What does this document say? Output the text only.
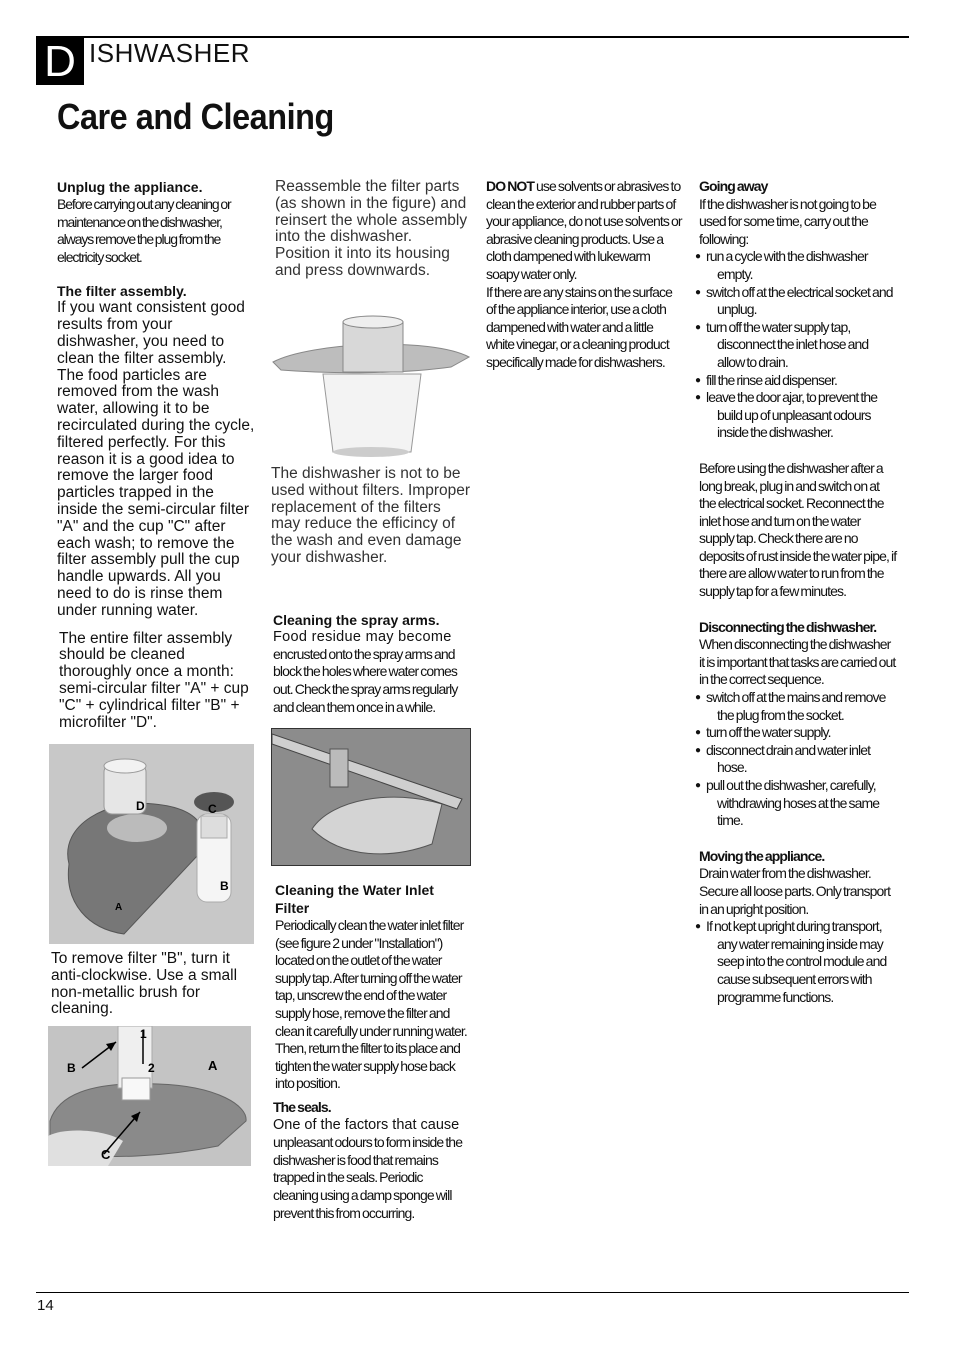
D ISHWASHER
Care and Cleaning

Unplug the appliance.

Before carrying out any cleaning or maintenance on the dishwasher, always remove the plug from the electricity socket.

The filter assembly.

If you want consistent good results from your dishwasher, you need to clean the filter assembly. The food particles are removed from the wash water, allowing it to be recirculated during the cycle, filtered perfectly. For this reason it is a good idea to remove the larger food particles trapped in the inside the semi-circular filter "A" and the cup "C" after each wash; to remove the filter assembly pull the cup handle upwards. All you need to do is rinse them under running water.

The entire filter assembly should be cleaned thoroughly once a month: semi-circular filter "A" + cup "C" + cylindrical filter "B" + microfilter "D".

D	C
B
A

To remove filter "B", turn it anti-clockwise. Use a small non-metallic brush for cleaning.

1
B	2	A
C

Reassemble the filter parts (as shown in the figure) and reinsert the whole assembly into the dishwasher. Position it into its housing and press downwards.

The dishwasher is not to be used without filters. Improper replacement of the filters may reduce the efficincy of the wash and even damage your dishwasher.

Cleaning the spray arms.

Food residue may become

encrusted onto the spray arms and block the holes where water comes out. Check the spray arms regularly and clean them once in a while.

Cleaning the Water Inlet Filter

Periodically clean the water inlet filter (see figure 2 under "Installation") located on the outlet of the water supply tap. After turning off the water tap, unscrew the end of the water supply hose, remove the filter and clean it carefully under running water. Then, return the filter to its place and tighten the water supply hose back into position.

The seals.

One of the factors that cause

unpleasant odours to form inside the dishwasher is food that remains trapped in the seals. Periodic cleaning using a damp sponge will prevent this from occurring.

DO NOT use solvents or abrasives to clean the exterior and rubber parts of your appliance, do not use solvents or abrasive cleaning products. Use a cloth dampened with lukewarm soapy water only.

If there are any stains on the surface of the appliance interior, use a cloth dampened with water and a little white vinegar, or a cleaning product specifically made for dishwashers.

Going away

If the dishwasher is not going to be used for some time, carry out the following:

● run a cycle with the dishwasher empty.
● switch off at the electrical socket and unplug.
● turn off the water supply tap, disconnect the inlet hose and allow to drain.
● fill the rinse aid dispenser.
● leave the door ajar, to prevent the build up of unpleasant odours inside the dishwasher.

Before using the dishwasher after a long break, plug in and switch on at the electrical socket. Reconnect the inlet hose and turn on the water supply tap. Check there are no deposits of rust inside the water pipe, if there are allow water to run from the supply tap for a few minutes.

Disconnecting the dishwasher.

When disconnecting the dishwasher it is important that tasks are carried out in the correct sequence.

● switch off at the mains and remove the plug from the socket.
● turn off the water supply.
● disconnect drain and water inlet hose.
● pull out the dishwasher, carefully, withdrawing hoses at the same time.

Moving the appliance.

Drain water from the dishwasher. Secure all loose parts. Only transport in an upright position.

● If not kept upright during transport, any water remaining inside may seep into the control module and cause subsequent errors with programme functions.
14
